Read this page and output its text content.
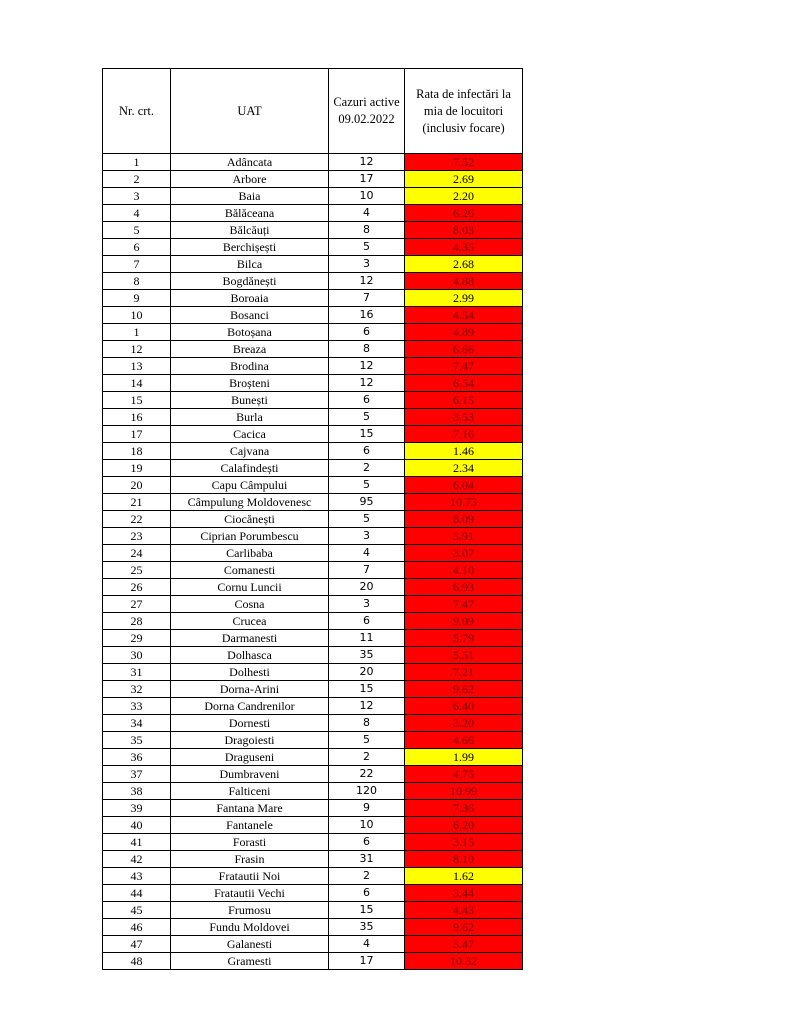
Nr. crt.	UAT	Cazuri active 09.02.2022	Rata de infectări la mia de locuitori (inclusiv focare)
1	Adâncata	12	7.52
2	Arbore	17	2.69
3	Baia	10	2.20
4	Bălăceana	4	6.26
5	Bălcăuți	8	8.03
6	Berchișești	5	4.35
7	Bilca	3	2.68
8	Bogdănești	12	4.88
9	Boroaia	7	2.99
10	Bosanci	16	4.54
1	Botoșana	6	4.89
12	Breaza	8	6.66
13	Brodina	12	7.47
14	Broșteni	12	6.54
15	Bunești	6	6.15
16	Burla	5	3.53
17	Cacica	15	7.16
18	Cajvana	6	1.46
19	Calafindești	2	2.34
20	Capu Câmpului	5	6.04
21	Câmpulung Moldovenesc	95	10.73
22	Ciocănești	5	8.09
23	Ciprian Porumbescu	3	3.91
24	Carlibaba	4	3.07
25	Comanesti	7	4.10
26	Cornu Luncii	20	6.93
27	Cosna	3	7.47
28	Crucea	6	9.09
29	Darmanesti	11	5.79
30	Dolhasca	35	5.51
31	Dolhesti	20	7.21
32	Dorna-Arini	15	9.62
33	Dorna Candrenilor	12	6.40
34	Dornesti	8	3.20
35	Dragoiesti	5	4.66
36	Draguseni	2	1.99
37	Dumbraveni	22	4.75
38	Falticeni	120	10.99
39	Fantana Mare	9	7.36
40	Fantanele	10	6.20
41	Forasti	6	3.15
42	Frasin	31	8.10
43	Fratautii Noi	2	1.62
44	Fratautii Vechi	6	3.44
45	Frumosu	15	4.43
46	Fundu Moldovei	35	9.62
47	Galanesti	4	3.47
48	Gramesti	17	10.32
